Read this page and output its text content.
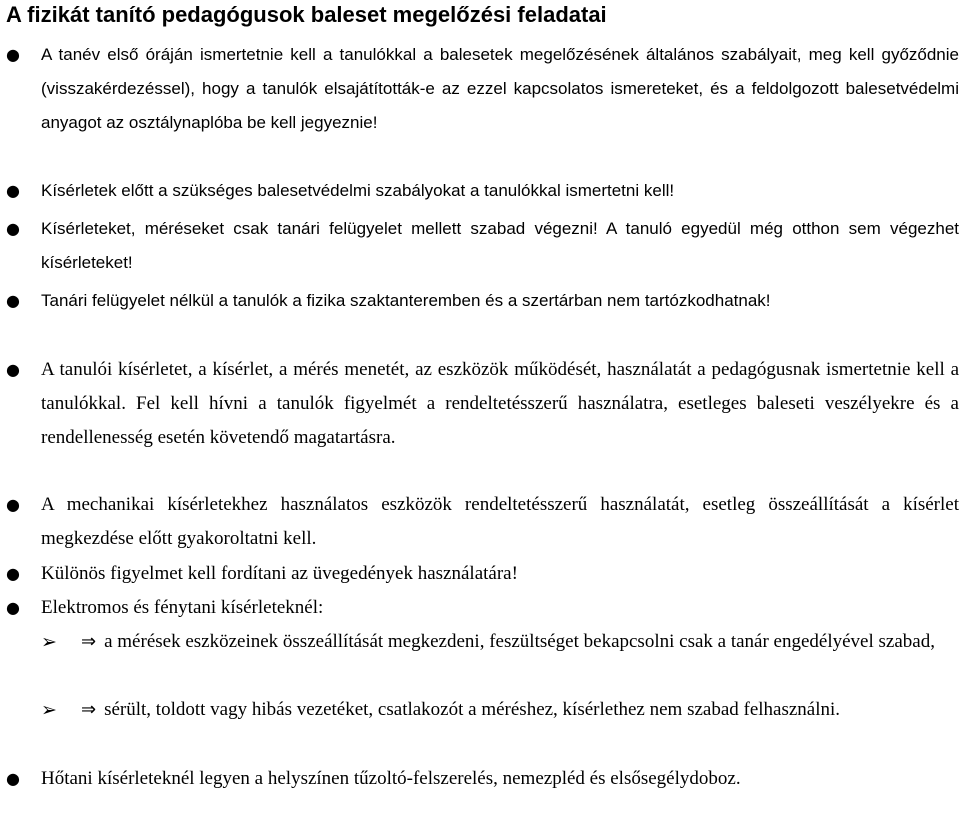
A fizikát tanító pedagógusok baleset megelőzési feladatai
●	A tanév első óráján ismertetnie kell a tanulókkal a balesetek megelőzésének általános szabályait, meg kell győződnie (visszakérdezéssel), hogy a tanulók elsajátították-e az ezzel kapcsolatos ismereteket, és a feldolgozott balesetvédelmi anyagot az osztálynaplóba be kell jegyeznie!

●	Kísérletek előtt a szükséges balesetvédelmi szabályokat a tanulókkal ismertetni kell!

●	Kísérleteket, méréseket csak tanári felügyelet mellett szabad végezni! A tanuló egyedül még otthon sem végezhet kísérleteket!

●	Tanári felügyelet nélkül a tanulók a fizika szaktanteremben és a szertárban nem tartózkodhatnak!

●	A tanulói kísérletet, a kísérlet, a mérés menetét, az eszközök működését, használatát a pedagógusnak ismertetnie kell a tanulókkal. Fel kell hívni a tanulók figyelmét a rendeltetésszerű használatra, esetleges baleseti veszélyekre és a rendellenesség esetén követendő magatartásra.

●	A mechanikai kísérletekhez használatos eszközök rendeltetésszerű használatát, esetleg összeállítását a kísérlet megkezdése előtt gyakoroltatni kell.

●	Különös figyelmet kell fordítani az üvegedények használatára!

●	Elektromos és fénytani kísérleteknél:

➢	⇒ a mérések eszközeinek összeállítását megkezdeni, feszültséget bekapcsolni csak a tanár engedélyével szabad,

➢	⇒ sérült, toldott vagy hibás vezetéket, csatlakozót a méréshez, kísérlethez nem szabad felhasználni.

●	Hőtani kísérleteknél legyen a helyszínen tűzoltó-felszerelés, nemezpléd és elsősegélydoboz.
